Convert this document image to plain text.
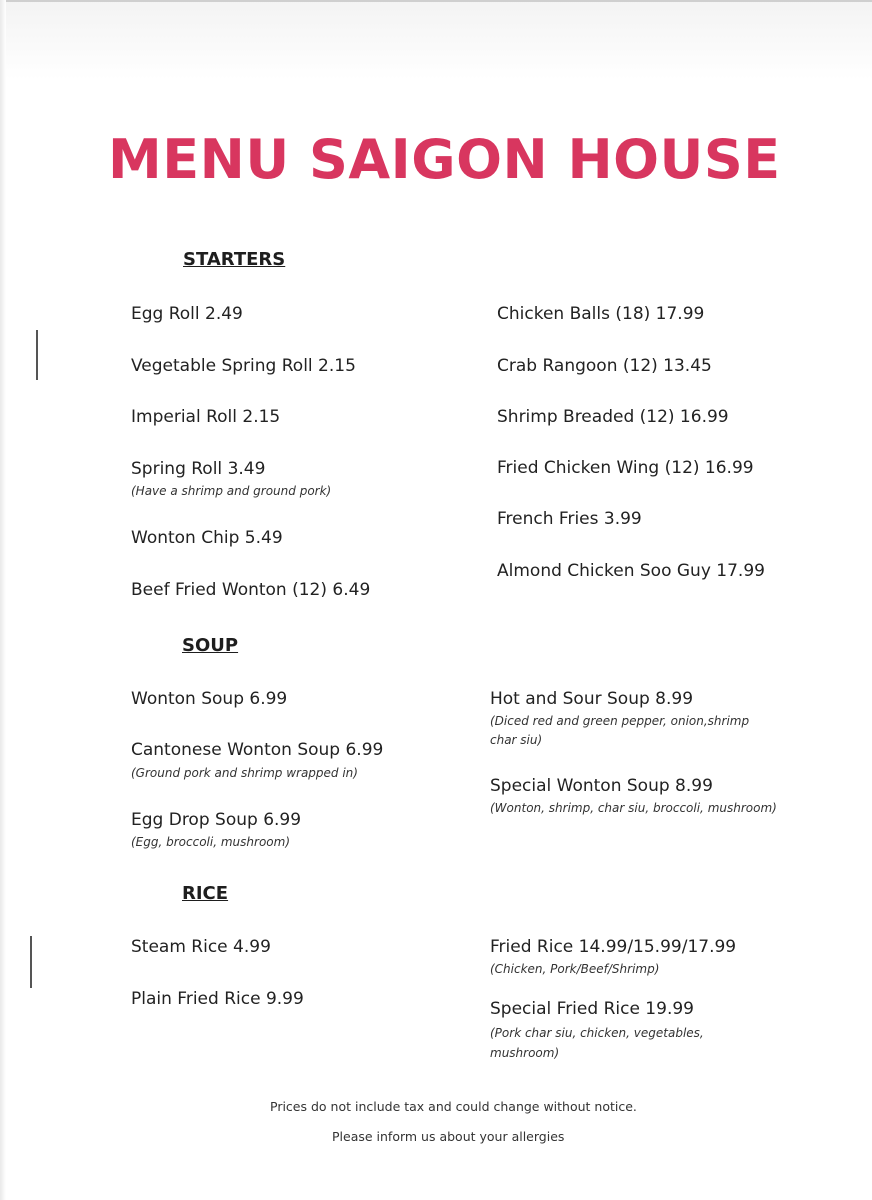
MENU SAIGON HOUSE
STARTERS
Egg Roll 2.49
Vegetable Spring Roll 2.15
Imperial Roll 2.15
Spring Roll 3.49
(Have a shrimp and ground pork)
Wonton Chip 5.49
Beef Fried Wonton (12) 6.49
Chicken Balls (18) 17.99
Crab Rangoon (12) 13.45
Shrimp Breaded (12) 16.99
Fried Chicken Wing (12) 16.99
French Fries 3.99
Almond Chicken Soo Guy 17.99
SOUP
Wonton Soup 6.99
Cantonese Wonton Soup 6.99
(Ground pork and shrimp wrapped in)
Egg Drop Soup 6.99
(Egg, broccoli, mushroom)
Hot and Sour Soup 8.99
(Diced red and green pepper, onion,shrimp
char siu)
Special Wonton Soup 8.99
(Wonton, shrimp, char siu, broccoli, mushroom)
RICE
Steam Rice 4.99
Plain Fried Rice 9.99
Fried Rice 14.99/15.99/17.99
(Chicken, Pork/Beef/Shrimp)
Special Fried Rice 19.99
(Pork char siu, chicken, vegetables,
mushroom)
Prices do not include tax and could change without notice.
Please inform us about your allergies
